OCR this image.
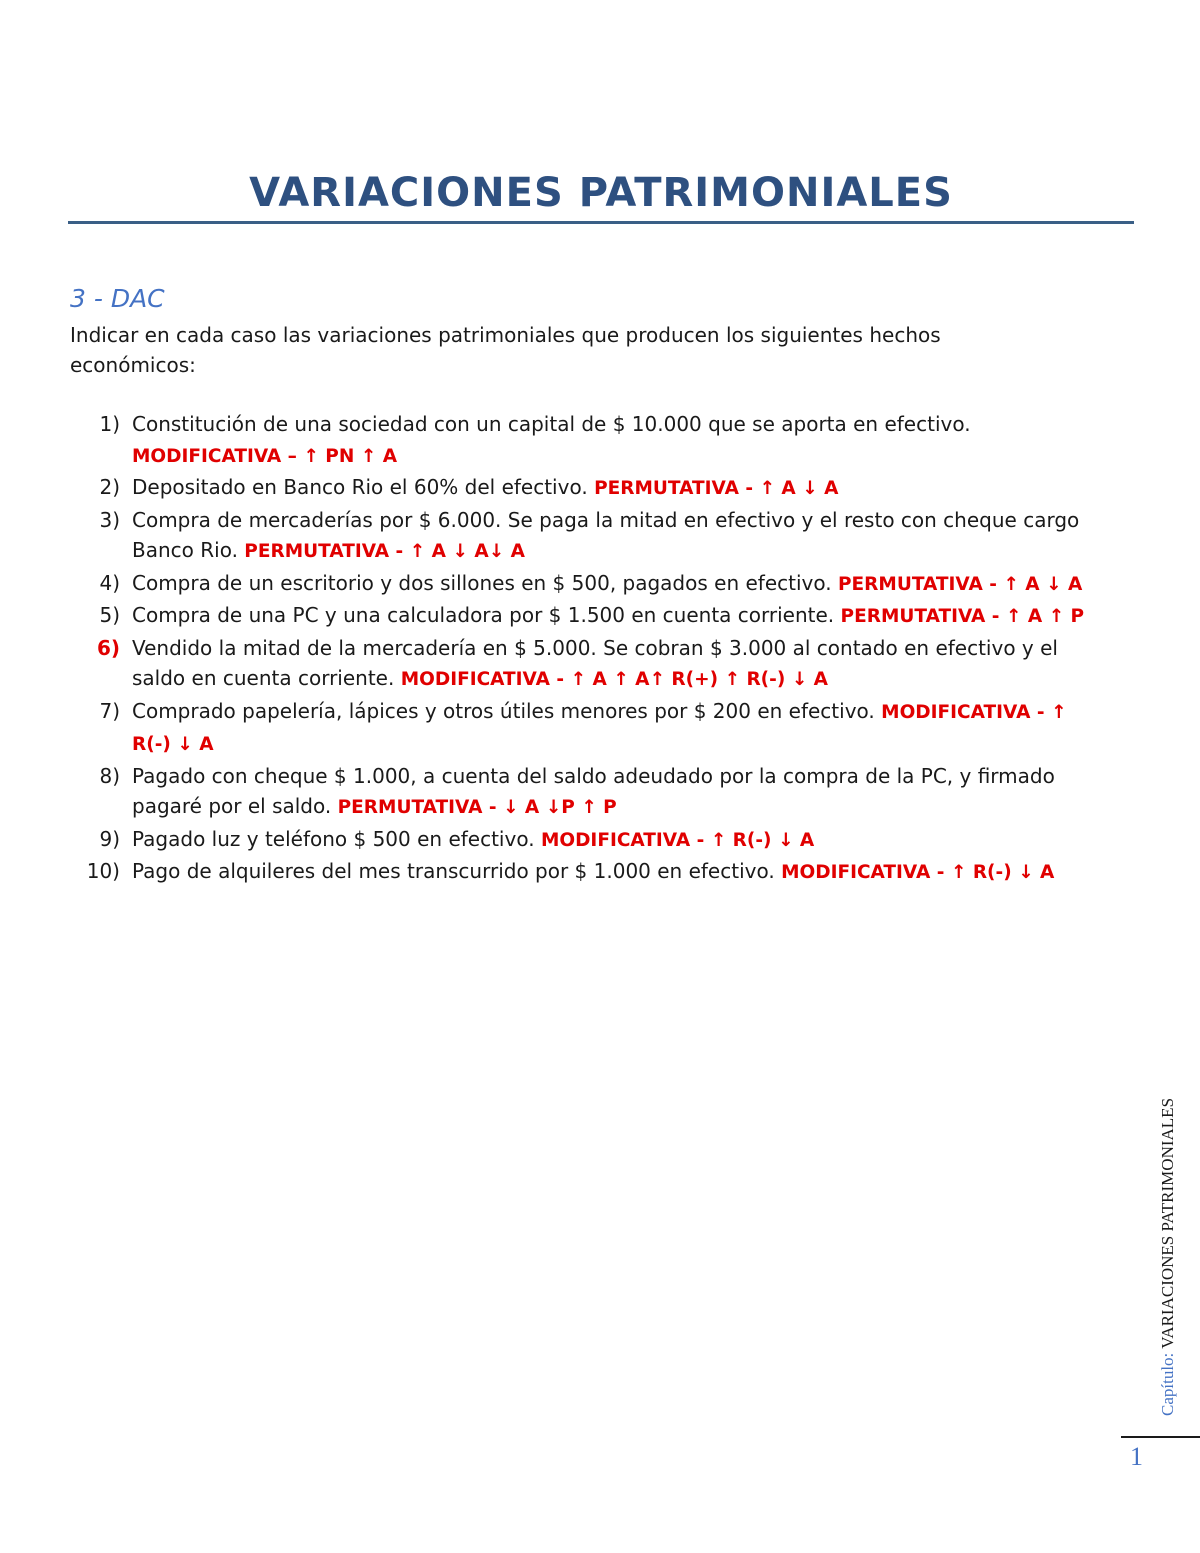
VARIACIONES PATRIMONIALES
3 - DAC
Indicar en cada caso las variaciones patrimoniales que producen los siguientes hechos económicos:
1) Constitución de una sociedad con un capital de $ 10.000 que se aporta en efectivo.
MODIFICATIVA – ↑ PN ↑ A
2) Depositado en Banco Rio el 60% del efectivo. PERMUTATIVA - ↑ A ↓ A
3) Compra de mercaderías por $ 6.000. Se paga la mitad en efectivo y el resto con cheque cargo Banco Rio. PERMUTATIVA - ↑ A ↓ A↓ A
4) Compra de un escritorio y dos sillones en $ 500, pagados en efectivo. PERMUTATIVA - ↑ A ↓ A
5) Compra de una PC y una calculadora por $ 1.500 en cuenta corriente. PERMUTATIVA - ↑ A ↑ P
6) Vendido la mitad de la mercadería en $ 5.000. Se cobran $ 3.000 al contado en efectivo y el saldo en cuenta corriente. MODIFICATIVA - ↑ A ↑ A↑ R(+) ↑ R(-) ↓ A
7) Comprado papelería, lápices y otros útiles menores por $ 200 en efectivo. MODIFICATIVA - ↑ R(-) ↓ A
8) Pagado con cheque $ 1.000, a cuenta del saldo adeudado por la compra de la PC, y firmado pagaré por el saldo. PERMUTATIVA - ↓ A ↓P ↑ P
9) Pagado luz y teléfono $ 500 en efectivo. MODIFICATIVA - ↑ R(-) ↓ A
10) Pago de alquileres del mes transcurrido por $ 1.000 en efectivo. MODIFICATIVA - ↑ R(-) ↓ A
Capítulo: VARIACIONES PATRIMONIALES
1
